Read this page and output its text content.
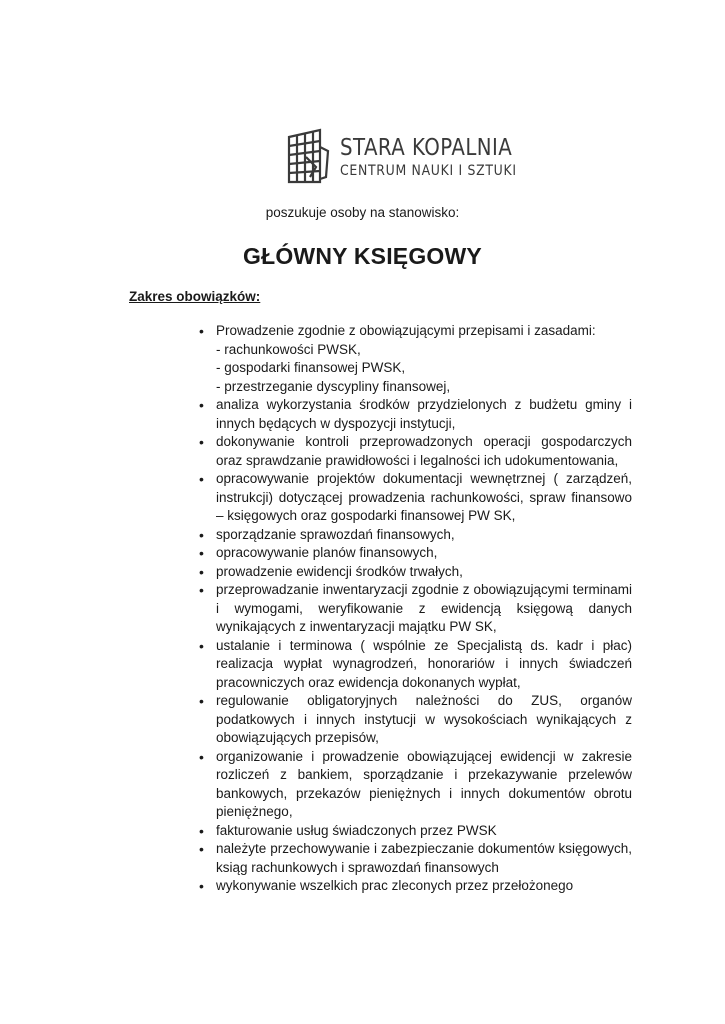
STARA KOPALNIA
CENTRUM NAUKI I SZTUKI
poszukuje osoby na stanowisko:
GŁÓWNY KSIĘGOWY
Zakres obowiązków:
• Prowadzenie zgodnie z obowiązującymi przepisami i zasadami:
- rachunkowości PWSK,
- gospodarki finansowej PWSK,
- przestrzeganie dyscypliny finansowej,
• analiza wykorzystania środków przydzielonych z budżetu gminy i innych będących w dyspozycji instytucji,
• dokonywanie kontroli przeprowadzonych operacji gospodarczych oraz sprawdzanie prawidłowości i legalności ich udokumentowania,
• opracowywanie projektów dokumentacji wewnętrznej ( zarządzeń, instrukcji) dotyczącej prowadzenia rachunkowości, spraw finansowo – księgowych oraz gospodarki finansowej PW SK,
• sporządzanie sprawozdań finansowych,
• opracowywanie planów finansowych,
• prowadzenie ewidencji środków trwałych,
• przeprowadzanie inwentaryzacji zgodnie z obowiązującymi terminami i wymogami, weryfikowanie z ewidencją księgową danych wynikających z inwentaryzacji majątku PW SK,
• ustalanie i terminowa ( wspólnie ze Specjalistą ds. kadr i płac) realizacja wypłat wynagrodzeń, honorariów i innych świadczeń pracowniczych oraz ewidencja dokonanych wypłat,
• regulowanie obligatoryjnych należności do ZUS, organów podatkowych i innych instytucji w wysokościach wynikających z obowiązujących przepisów,
• organizowanie i prowadzenie obowiązującej ewidencji w zakresie rozliczeń z bankiem, sporządzanie i przekazywanie przelewów bankowych, przekazów pieniężnych i innych dokumentów obrotu pieniężnego,
• fakturowanie usług świadczonych przez PWSK
• należyte przechowywanie i zabezpieczanie dokumentów księgowych, ksiąg rachunkowych i sprawozdań finansowych
• wykonywanie wszelkich prac zleconych przez przełożonego
